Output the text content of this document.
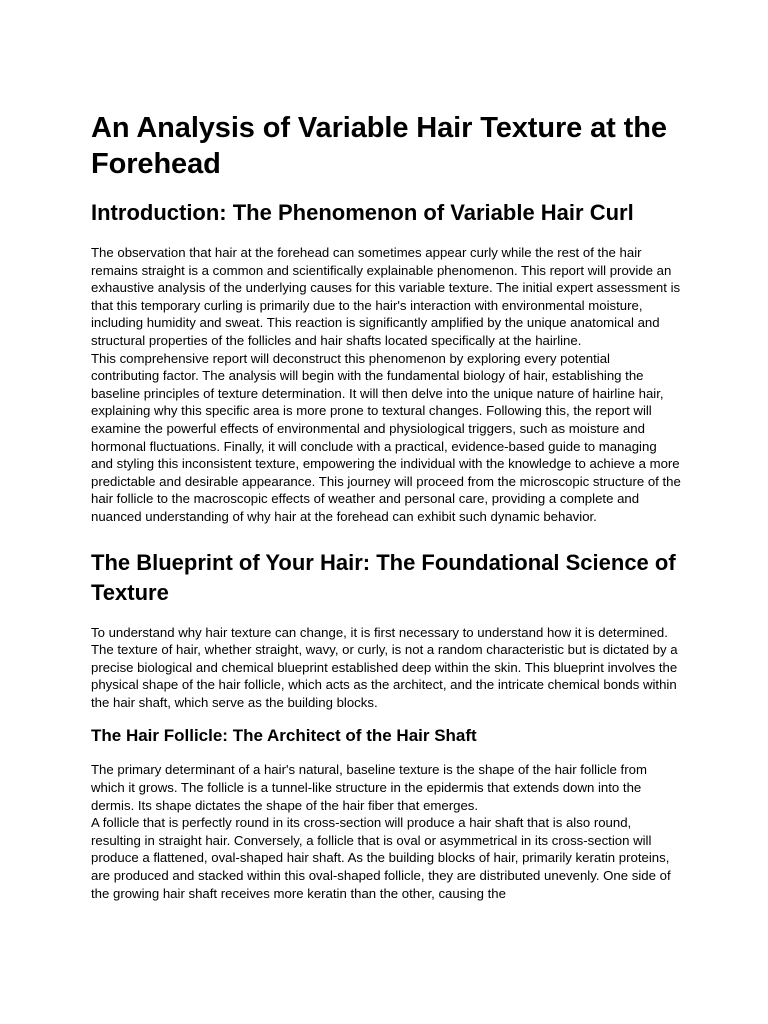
An Analysis of Variable Hair Texture at the Forehead
Introduction: The Phenomenon of Variable Hair Curl

The observation that hair at the forehead can sometimes appear curly while the rest of the hair remains straight is a common and scientifically explainable phenomenon. This report will provide an exhaustive analysis of the underlying causes for this variable texture. The initial expert assessment is that this temporary curling is primarily due to the hair's interaction with environmental moisture, including humidity and sweat. This reaction is significantly amplified by the unique anatomical and structural properties of the follicles and hair shafts located specifically at the hairline.

This comprehensive report will deconstruct this phenomenon by exploring every potential contributing factor. The analysis will begin with the fundamental biology of hair, establishing the baseline principles of texture determination. It will then delve into the unique nature of hairline hair, explaining why this specific area is more prone to textural changes. Following this, the report will examine the powerful effects of environmental and physiological triggers, such as moisture and hormonal fluctuations. Finally, it will conclude with a practical, evidence-based guide to managing and styling this inconsistent texture, empowering the individual with the knowledge to achieve a more predictable and desirable appearance. This journey will proceed from the microscopic structure of the hair follicle to the macroscopic effects of weather and personal care, providing a complete and nuanced understanding of why hair at the forehead can exhibit such dynamic behavior.

The Blueprint of Your Hair: The Foundational Science of Texture

To understand why hair texture can change, it is first necessary to understand how it is determined. The texture of hair, whether straight, wavy, or curly, is not a random characteristic but is dictated by a precise biological and chemical blueprint established deep within the skin. This blueprint involves the physical shape of the hair follicle, which acts as the architect, and the intricate chemical bonds within the hair shaft, which serve as the building blocks.

The Hair Follicle: The Architect of the Hair Shaft

The primary determinant of a hair's natural, baseline texture is the shape of the hair follicle from which it grows. The follicle is a tunnel-like structure in the epidermis that extends down into the dermis. Its shape dictates the shape of the hair fiber that emerges.

A follicle that is perfectly round in its cross-section will produce a hair shaft that is also round, resulting in straight hair. Conversely, a follicle that is oval or asymmetrical in its cross-section will produce a flattened, oval-shaped hair shaft. As the building blocks of hair, primarily keratin proteins, are produced and stacked within this oval-shaped follicle, they are distributed unevenly. One side of the growing hair shaft receives more keratin than the other, causing the
